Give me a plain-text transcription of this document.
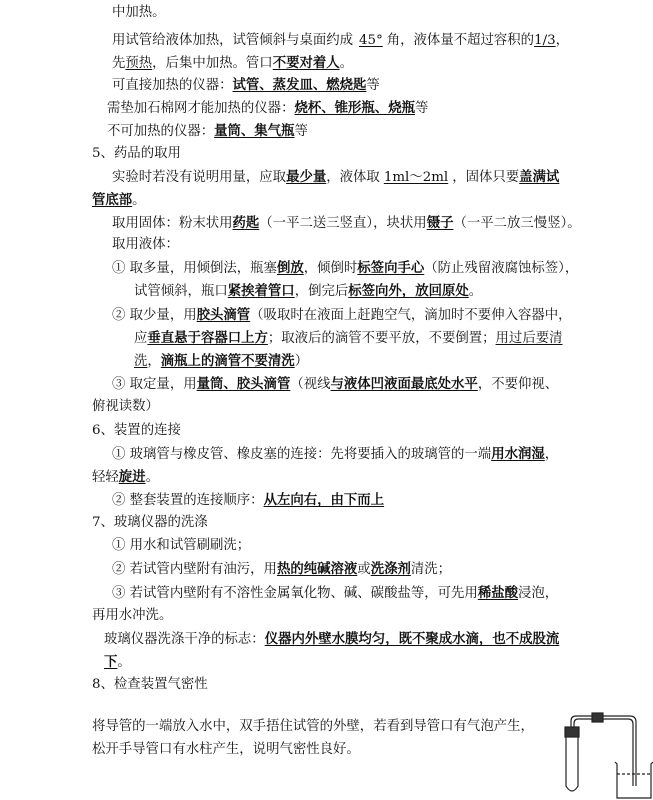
中加热。
用试管给液体加热，试管倾斜与桌面约成 45° 角，液体量不超过容积的1/3，
先预热，后集中加热。管口不要对着人。
可直接加热的仪器：试管、蒸发皿、燃烧匙等
需垫加石棉网才能加热的仪器：烧杯、锥形瓶、烧瓶等
不可加热的仪器：量筒、集气瓶等
5、药品的取用
实验时若没有说明用量，应取最少量，液体取 1ml～2ml ，固体只要盖满试
管底部。
取用固体：粉末状用药匙（一平二送三竖直），块状用镊子（一平二放三慢竖）。
取用液体：
① 取多量，用倾倒法，瓶塞倒放，倾倒时标签向手心（防止残留液腐蚀标签），
试管倾斜，瓶口紧挨着管口，倒完后标签向外，放回原处。
② 取少量，用胶头滴管（吸取时在液面上赶跑空气，滴加时不要伸入容器中，
应垂直悬于容器口上方；取液后的滴管不要平放，不要倒置；用过后要清
洗，滴瓶上的滴管不要清洗）
③ 取定量，用量筒、胶头滴管（视线与液体凹液面最底处水平，不要仰视、
俯视读数）
6、装置的连接
① 玻璃管与橡皮管、橡皮塞的连接：先将要插入的玻璃管的一端用水润湿，
轻轻旋进。
② 整套装置的连接顺序：从左向右，由下而上
7、玻璃仪器的洗涤
① 用水和试管刷刷洗；
② 若试管内壁附有油污，用热的纯碱溶液或洗涤剂清洗；
③ 若试管内壁附有不溶性金属氧化物、碱、碳酸盐等，可先用稀盐酸浸泡，
再用水冲洗。
玻璃仪器洗涤干净的标志：仪器内外壁水膜均匀，既不聚成水滴，也不成股流
下。
8、检查装置气密性
将导管的一端放入水中，双手捂住试管的外壁，若看到导管口有气泡产生，
松开手导管口有水柱产生，说明气密性良好。
